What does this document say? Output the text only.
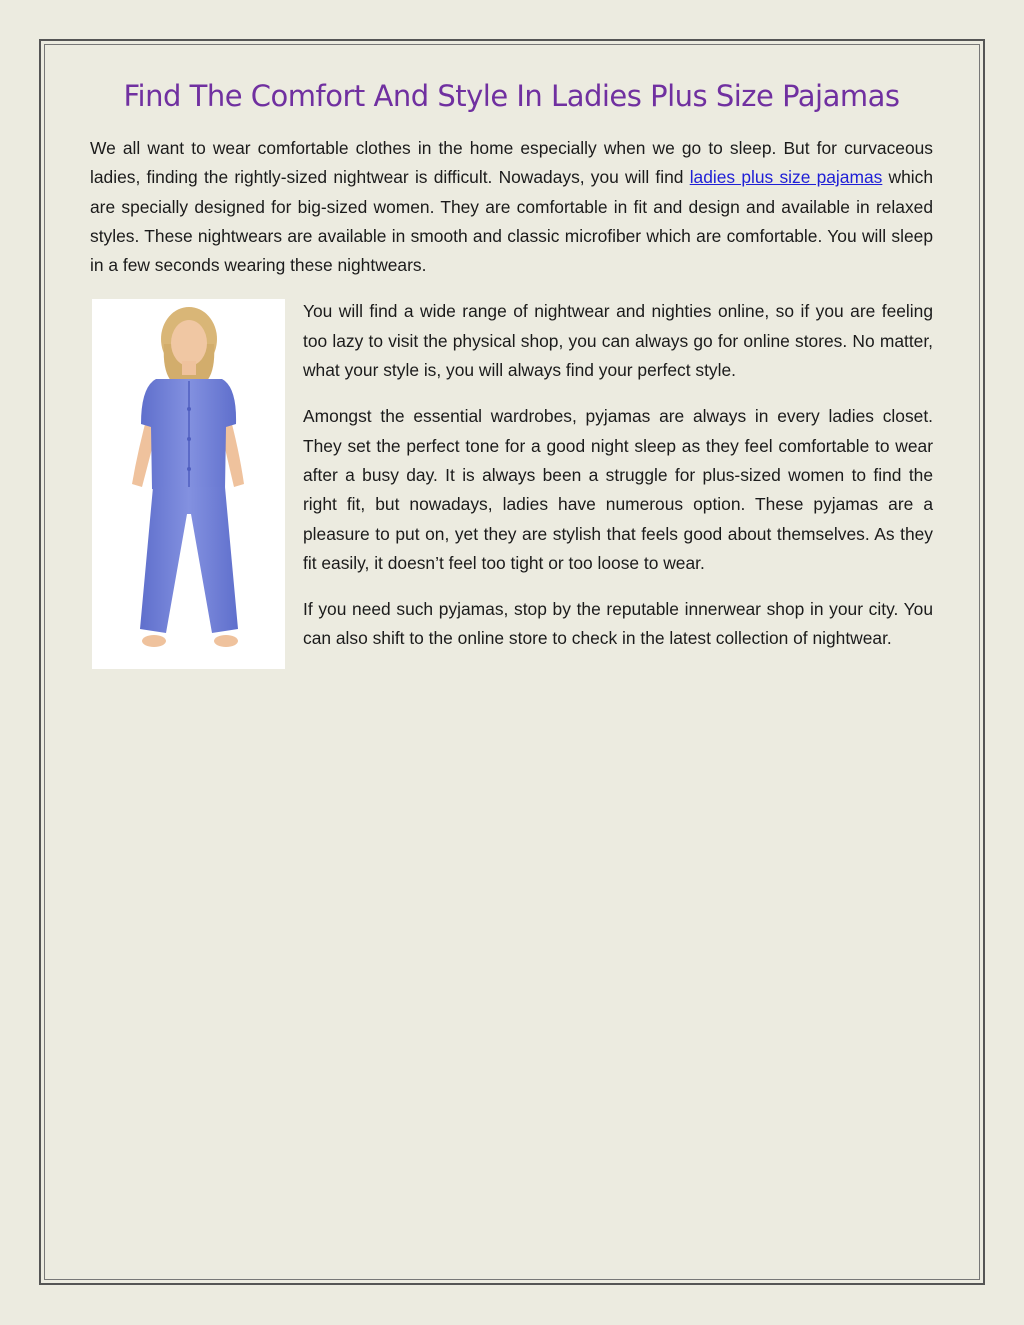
Find The Comfort And Style In Ladies Plus Size Pajamas

We all want to wear comfortable clothes in the home especially when we go to sleep. But for curvaceous ladies, finding the rightly-sized nightwear is difficult. Nowadays, you will find ladies plus size pajamas which are specially designed for big-sized women. They are comfortable in fit and design and available in relaxed styles. These nightwears are available in smooth and classic microfiber which are comfortable. You will sleep in a few seconds wearing these nightwears.

You will find a wide range of nightwear and nighties online, so if you are feeling too lazy to visit the physical shop, you can always go for online stores. No matter, what your style is, you will always find your perfect style.

Amongst the essential wardrobes, pyjamas are always in every ladies closet. They set the perfect tone for a good night sleep as they feel comfortable to wear after a busy day. It is always been a struggle for plus-sized women to find the right fit, but nowadays, ladies have numerous option. These pyjamas are a pleasure to put on, yet they are stylish that feels good about themselves. As they fit easily, it doesn’t feel too tight or too loose to wear.

If you need such pyjamas, stop by the reputable innerwear shop in your city. You can also shift to the online store to check in the latest collection of nightwear.
